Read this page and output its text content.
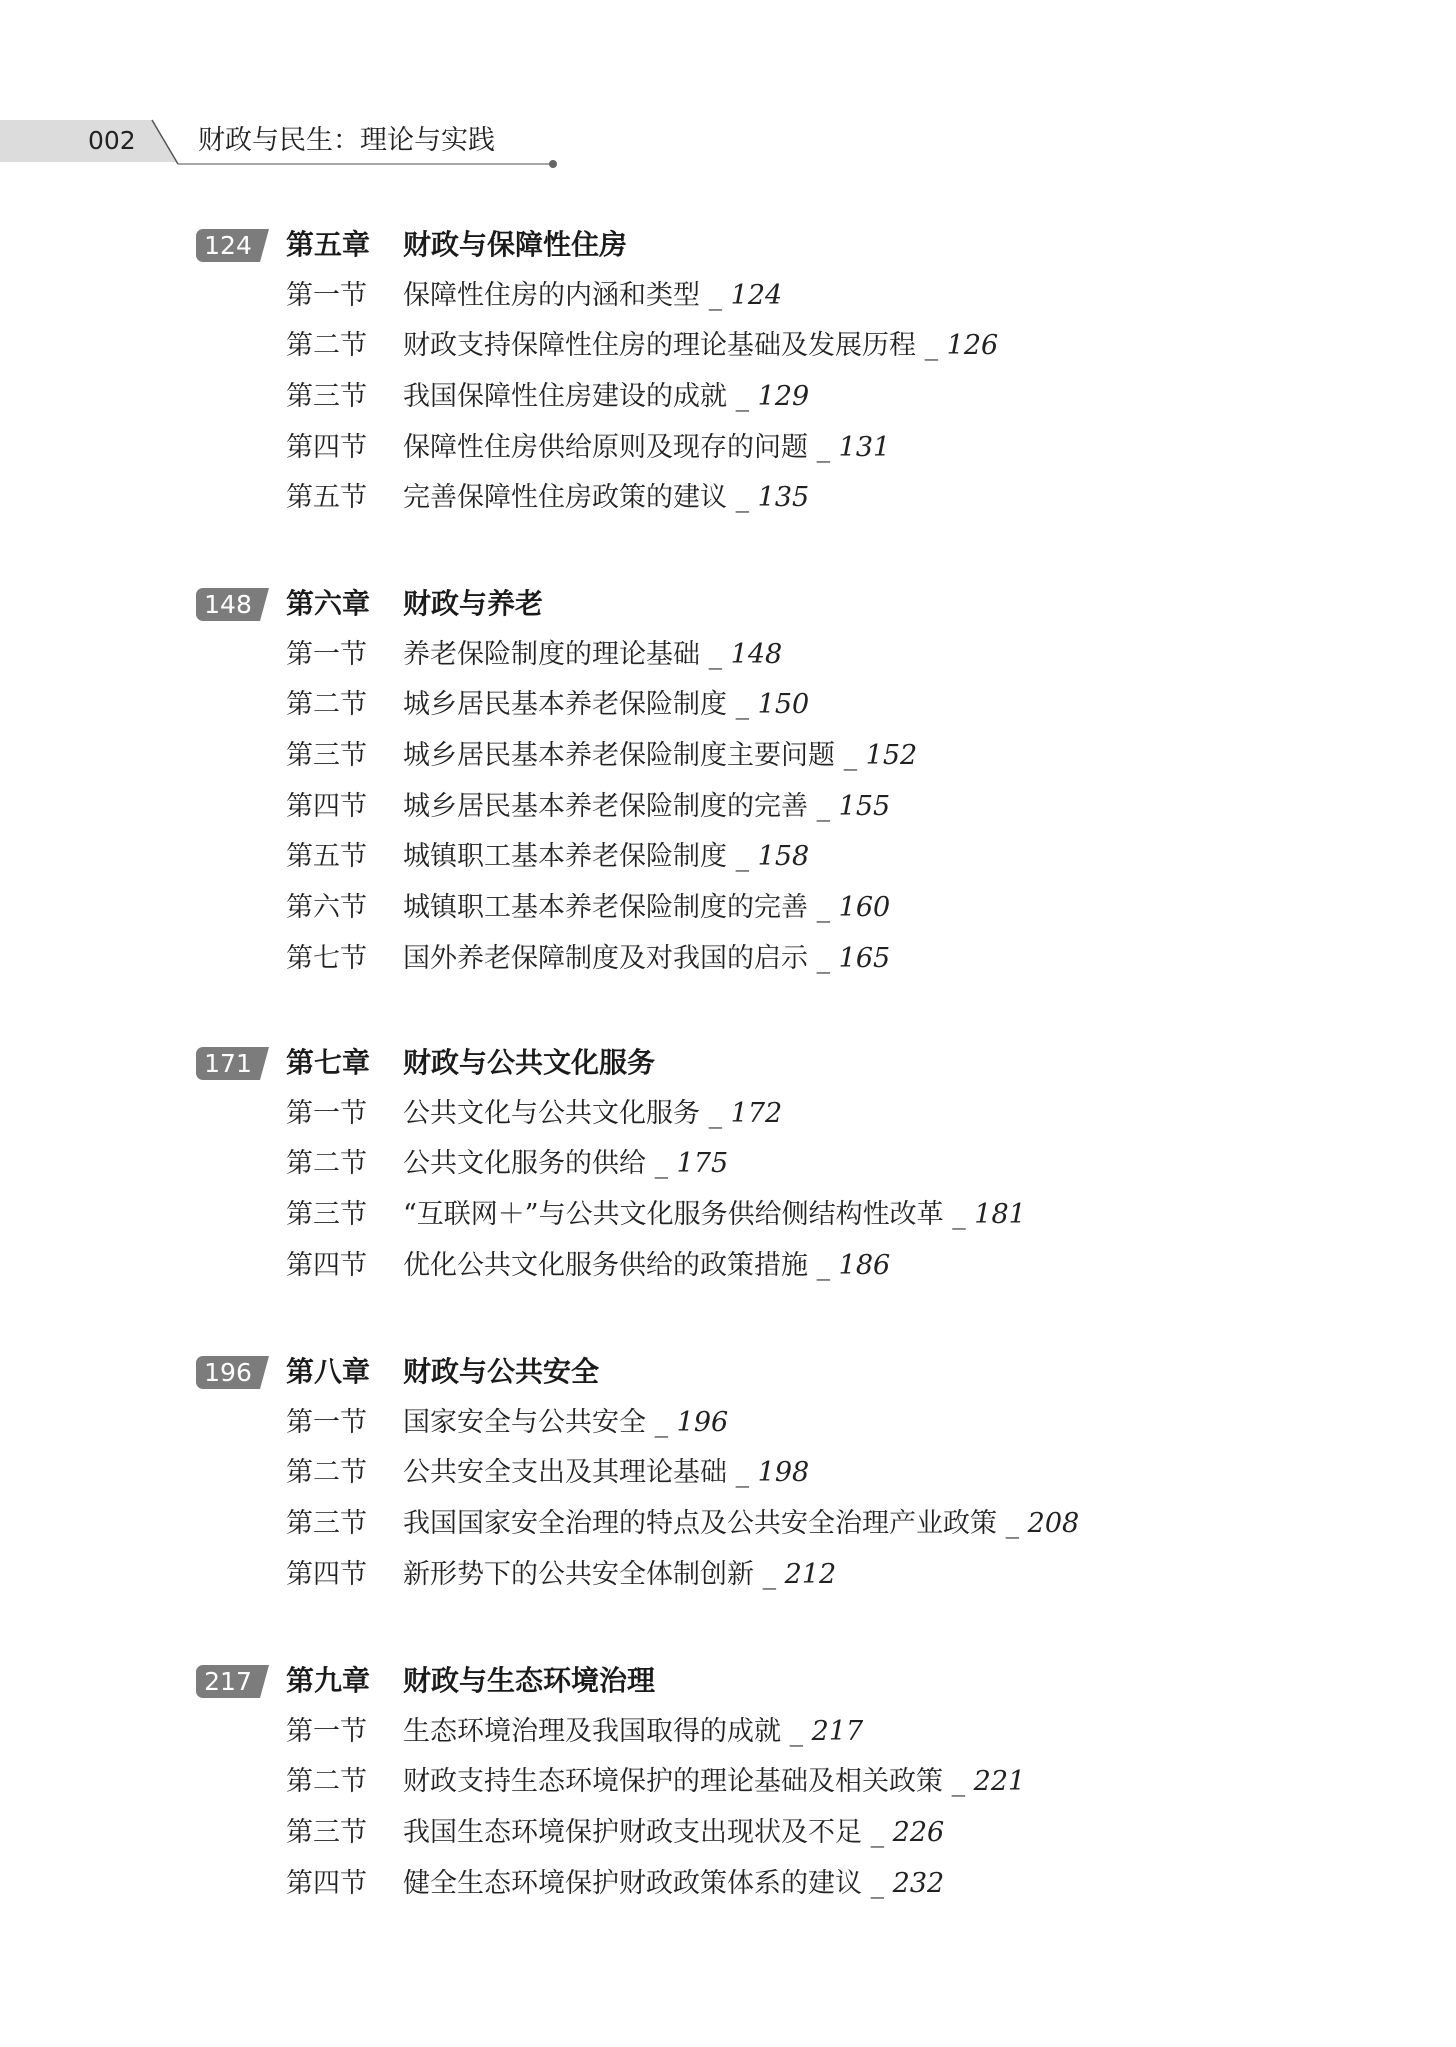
002 财政与民生：理论与实践
124 第五章 财政与保障性住房
第一节 保障性住房的内涵和类型 _ 124
第二节 财政支持保障性住房的理论基础及发展历程 _ 126
第三节 我国保障性住房建设的成就 _ 129
第四节 保障性住房供给原则及现存的问题 _ 131
第五节 完善保障性住房政策的建议 _ 135
148 第六章 财政与养老
第一节 养老保险制度的理论基础 _ 148
第二节 城乡居民基本养老保险制度 _ 150
第三节 城乡居民基本养老保险制度主要问题 _ 152
第四节 城乡居民基本养老保险制度的完善 _ 155
第五节 城镇职工基本养老保险制度 _ 158
第六节 城镇职工基本养老保险制度的完善 _ 160
第七节 国外养老保障制度及对我国的启示 _ 165
171 第七章 财政与公共文化服务
第一节 公共文化与公共文化服务 _ 172
第二节 公共文化服务的供给 _ 175
第三节 “互联网＋”与公共文化服务供给侧结构性改革 _ 181
第四节 优化公共文化服务供给的政策措施 _ 186
196 第八章 财政与公共安全
第一节 国家安全与公共安全 _ 196
第二节 公共安全支出及其理论基础 _ 198
第三节 我国国家安全治理的特点及公共安全治理产业政策 _ 208
第四节 新形势下的公共安全体制创新 _ 212
217 第九章 财政与生态环境治理
第一节 生态环境治理及我国取得的成就 _ 217
第二节 财政支持生态环境保护的理论基础及相关政策 _ 221
第三节 我国生态环境保护财政支出现状及不足 _ 226
第四节 健全生态环境保护财政政策体系的建议 _ 232
